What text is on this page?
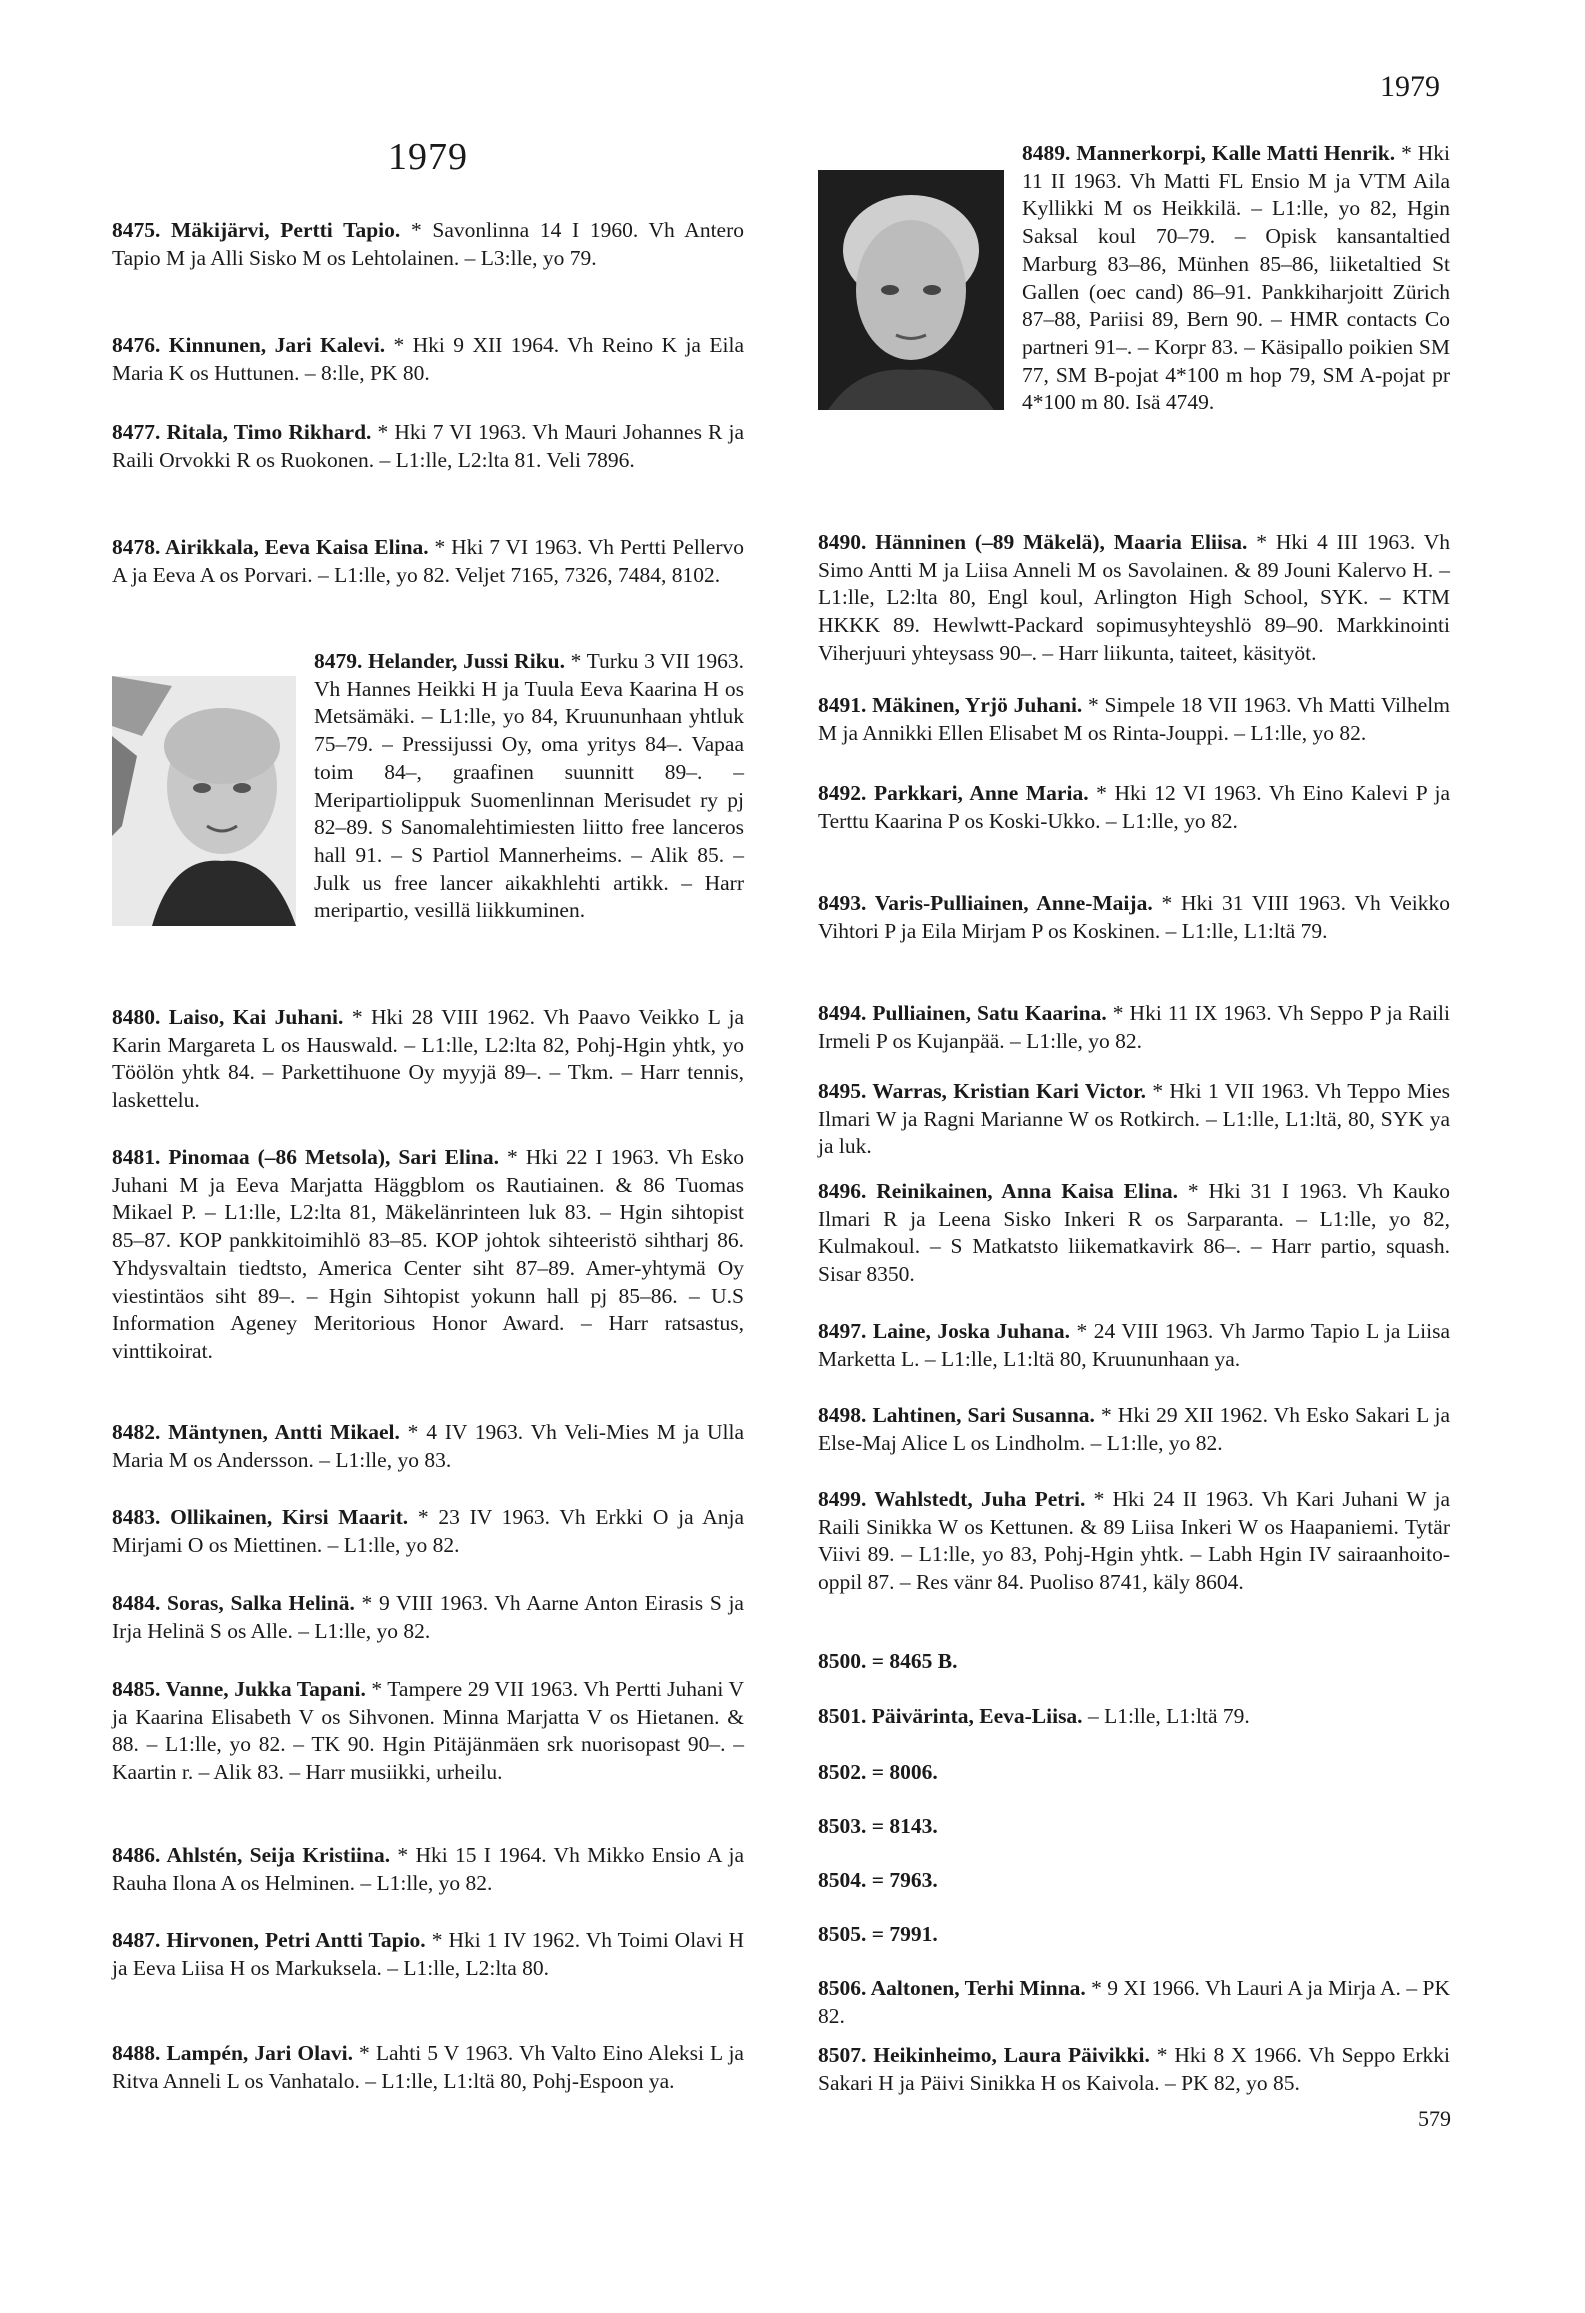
1979
1979
8475. Mäkijärvi, Pertti Tapio. * Savonlinna 14 I 1960. Vh Antero Tapio M ja Alli Sisko M os Lehtolainen. – L3:lle, yo 79.
8476. Kinnunen, Jari Kalevi. * Hki 9 XII 1964. Vh Reino K ja Eila Maria K os Huttunen. – 8:lle, PK 80.
8477. Ritala, Timo Rikhard. * Hki 7 VI 1963. Vh Mauri Johannes R ja Raili Orvokki R os Ruokonen. – L1:lle, L2:lta 81. Veli 7896.
8478. Airikkala, Eeva Kaisa Elina. * Hki 7 VI 1963. Vh Pertti Pellervo A ja Eeva A os Porvari. – L1:lle, yo 82. Veljet 7165, 7326, 7484, 8102.
8479. Helander, Jussi Riku. * Turku 3 VII 1963. Vh Hannes Heikki H ja Tuula Eeva Kaarina H os Metsämäki. – L1:lle, yo 84, Kruununhaan yhtluk 75–79. – Pressijussi Oy, oma yritys 84–. Vapaa toim 84–, graafinen suunnitt 89–. – Meripartiolippuk Suomenlinnan Merisudet ry pj 82–89. S Sanomalehtimiesten liitto free lanceros hall 91. – S Partiol Mannerheims. – Alik 85. – Julk us free lancer aikakhlehti artikk. – Harr meripartio, vesillä liikkuminen.
8480. Laiso, Kai Juhani. * Hki 28 VIII 1962. Vh Paavo Veikko L ja Karin Margareta L os Hauswald. – L1:lle, L2:lta 82, Pohj-Hgin yhtk, yo Töölön yhtk 84. – Parkettihuone Oy myyjä 89–. – Tkm. – Harr tennis, laskettelu.
8481. Pinomaa (–86 Metsola), Sari Elina. * Hki 22 I 1963. Vh Esko Juhani M ja Eeva Marjatta Häggblom os Rautiainen. & 86 Tuomas Mikael P. – L1:lle, L2:lta 81, Mäkelänrinteen luk 83. – Hgin sihtopist 85–87. KOP pankkitoimihlö 83–85. KOP johtok sihteeristö sihtharj 86. Yhdysvaltain tiedtsto, America Center siht 87–89. Amer-yhtymä Oy viestintäos siht 89–. – Hgin Sihtopist yokunn hall pj 85–86. – U.S Information Ageney Meritorious Honor Award. – Harr ratsastus, vinttikoirat.
8482. Mäntynen, Antti Mikael. * 4 IV 1963. Vh Veli-Mies M ja Ulla Maria M os Andersson. – L1:lle, yo 83.
8483. Ollikainen, Kirsi Maarit. * 23 IV 1963. Vh Erkki O ja Anja Mirjami O os Miettinen. – L1:lle, yo 82.
8484. Soras, Salka Helinä. * 9 VIII 1963. Vh Aarne Anton Eirasis S ja Irja Helinä S os Alle. – L1:lle, yo 82.
8485. Vanne, Jukka Tapani. * Tampere 29 VII 1963. Vh Pertti Juhani V ja Kaarina Elisabeth V os Sihvonen. Minna Marjatta V os Hietanen. & 88. – L1:lle, yo 82. – TK 90. Hgin Pitäjänmäen srk nuorisopast 90–. – Kaartin r. – Alik 83. – Harr musiikki, urheilu.
8486. Ahlstén, Seija Kristiina. * Hki 15 I 1964. Vh Mikko Ensio A ja Rauha Ilona A os Helminen. – L1:lle, yo 82.
8487. Hirvonen, Petri Antti Tapio. * Hki 1 IV 1962. Vh Toimi Olavi H ja Eeva Liisa H os Markuksela. – L1:lle, L2:lta 80.
8488. Lampén, Jari Olavi. * Lahti 5 V 1963. Vh Valto Eino Aleksi L ja Ritva Anneli L os Vanhatalo. – L1:lle, L1:ltä 80, Pohj-Espoon ya.
8489. Mannerkorpi, Kalle Matti Henrik. * Hki 11 II 1963. Vh Matti FL Ensio M ja VTM Aila Kyllikki M os Heikkilä. – L1:lle, yo 82, Hgin Saksal koul 70–79. – Opisk kansantaltied Marburg 83–86, Münhen 85–86, liiketaltied St Gallen (oec cand) 86–91. Pankkiharjoitt Zürich 87–88, Pariisi 89, Bern 90. – HMR contacts Co partneri 91–. – Korpr 83. – Käsipallo poikien SM 77, SM B-pojat 4*100 m hop 79, SM A-pojat pr 4*100 m 80. Isä 4749.
8490. Hänninen (–89 Mäkelä), Maaria Eliisa. * Hki 4 III 1963. Vh Simo Antti M ja Liisa Anneli M os Savolainen. & 89 Jouni Kalervo H. – L1:lle, L2:lta 80, Engl koul, Arlington High School, SYK. – KTM HKKK 89. Hewlwtt-Packard sopimusyhteyshlö 89–90. Markkinointi Viherjuuri yhteysass 90–. – Harr liikunta, taiteet, käsityöt.
8491. Mäkinen, Yrjö Juhani. * Simpele 18 VII 1963. Vh Matti Vilhelm M ja Annikki Ellen Elisabet M os Rinta-Jouppi. – L1:lle, yo 82.
8492. Parkkari, Anne Maria. * Hki 12 VI 1963. Vh Eino Kalevi P ja Terttu Kaarina P os Koski-Ukko. – L1:lle, yo 82.
8493. Varis-Pulliainen, Anne-Maija. * Hki 31 VIII 1963. Vh Veikko Vihtori P ja Eila Mirjam P os Koskinen. – L1:lle, L1:ltä 79.
8494. Pulliainen, Satu Kaarina. * Hki 11 IX 1963. Vh Seppo P ja Raili Irmeli P os Kujanpää. – L1:lle, yo 82.
8495. Warras, Kristian Kari Victor. * Hki 1 VII 1963. Vh Teppo Mies Ilmari W ja Ragni Marianne W os Rotkirch. – L1:lle, L1:ltä, 80, SYK ya ja luk.
8496. Reinikainen, Anna Kaisa Elina. * Hki 31 I 1963. Vh Kauko Ilmari R ja Leena Sisko Inkeri R os Sarparanta. – L1:lle, yo 82, Kulmakoul. – S Matkatsto liikematkavirk 86–. – Harr partio, squash. Sisar 8350.
8497. Laine, Joska Juhana. * 24 VIII 1963. Vh Jarmo Tapio L ja Liisa Marketta L. – L1:lle, L1:ltä 80, Kruununhaan ya.
8498. Lahtinen, Sari Susanna. * Hki 29 XII 1962. Vh Esko Sakari L ja Else-Maj Alice L os Lindholm. – L1:lle, yo 82.
8499. Wahlstedt, Juha Petri. * Hki 24 II 1963. Vh Kari Juhani W ja Raili Sinikka W os Kettunen. & 89 Liisa Inkeri W os Haapaniemi. Tytär Viivi 89. – L1:lle, yo 83, Pohj-Hgin yhtk. – Labh Hgin IV sairaanhoito-oppil 87. – Res vänr 84. Puoliso 8741, käly 8604.
8500. = 8465 B.
8501. Päivärinta, Eeva-Liisa. – L1:lle, L1:ltä 79.
8502. = 8006.
8503. = 8143.
8504. = 7963.
8505. = 7991.
8506. Aaltonen, Terhi Minna. * 9 XI 1966. Vh Lauri A ja Mirja A. – PK 82.
8507. Heikinheimo, Laura Päivikki. * Hki 8 X 1966. Vh Seppo Erkki Sakari H ja Päivi Sinikka H os Kaivola. – PK 82, yo 85.
579
